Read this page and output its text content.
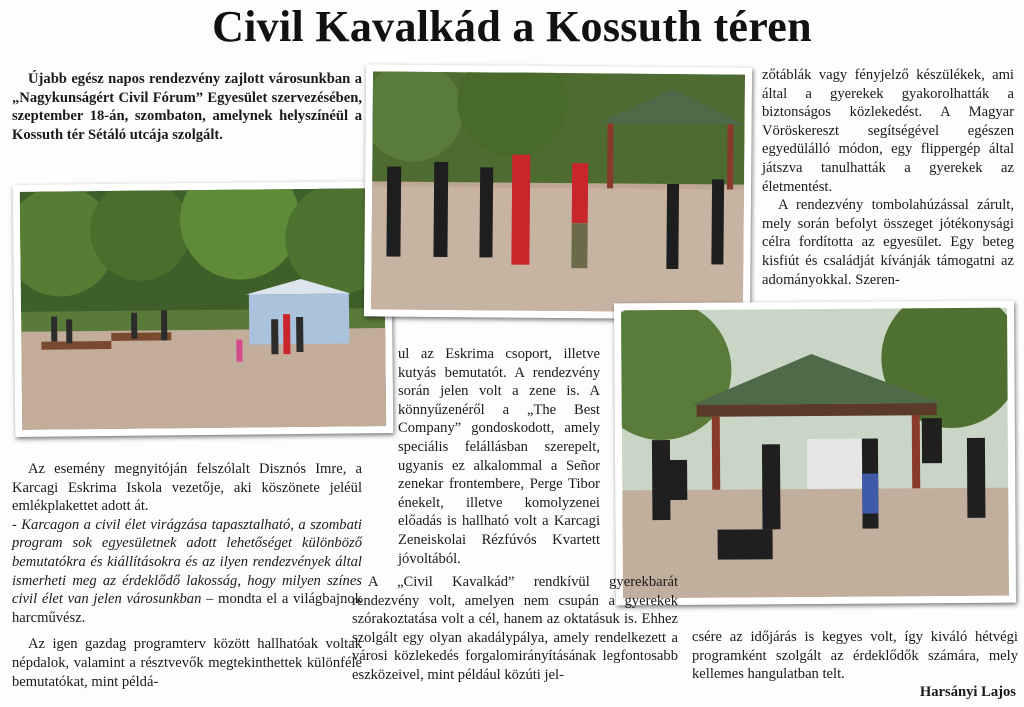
Civil Kavalkád a Kossuth téren

Újabb egész napos rendezvény zajlott városunkban a „Nagykunságért Civil Fórum” Egyesület szervezésében, szeptember 18-án, szombaton, amelynek helyszínéül a Kossuth tér Sétáló utcája szolgált.

Az esemény megnyitóján felszólalt Disznós Imre, a Karcagi Eskrima Iskola vezetője, aki köszönete jeléül emlékplakettet adott át.

- Karcagon a civil élet virágzása tapasztalható, a szombati program sok egyesületnek adott lehetőséget különböző bemutatókra és kiállításokra és az ilyen rendezvények által ismerheti meg az érdeklődő lakosság, hogy milyen színes civil élet van jelen városunkban – mondta el a világbajnok harcművész.

Az igen gazdag programterv között hallhatóak voltak népdalok, valamint a résztvevők megtekinthettek különféle bemutatókat, mint példá-

ul az Eskrima csoport, illetve kutyás bemutatót. A rendezvény során jelen volt a zene is. A könnyűzenéről a „The Best Company” gondoskodott, amely speciális felállásban szerepelt, ugyanis ez alkalommal a Señor zenekar frontembere, Perge Tibor énekelt, illetve komolyzenei előadás is hallható volt a Karcagi Zeneiskolai Rézfúvós Kvartett jóvoltából.

A „Civil Kavalkád” rendkívül gyerekbarát rendezvény volt, amelyen nem csupán a gyerekek szórakoztatása volt a cél, hanem az oktatásuk is. Ehhez szolgált egy olyan akadálypálya, amely rendelkezett a városi közlekedés forgalomirányításának legfontosabb eszközeivel, mint például közúti jel-

zőtáblák vagy fényjelző készülékek, ami által a gyerekek gyakorolhatták a biztonságos közlekedést. A Magyar Vöröskereszt segítségével egészen egyedülálló módon, egy flippergép által játszva tanulhatták a gyerekek az életmentést.

A rendezvény tombolahúzással zárult, mely során befolyt összeget jótékonysági célra fordította az egyesület. Egy beteg kisfiút és családját kívánják támogatni az adományokkal. Szeren-

csére az időjárás is kegyes volt, így kiváló hétvégi programként szolgált az érdeklődők számára, mely kellemes hangulatban telt.

Harsányi Lajos
